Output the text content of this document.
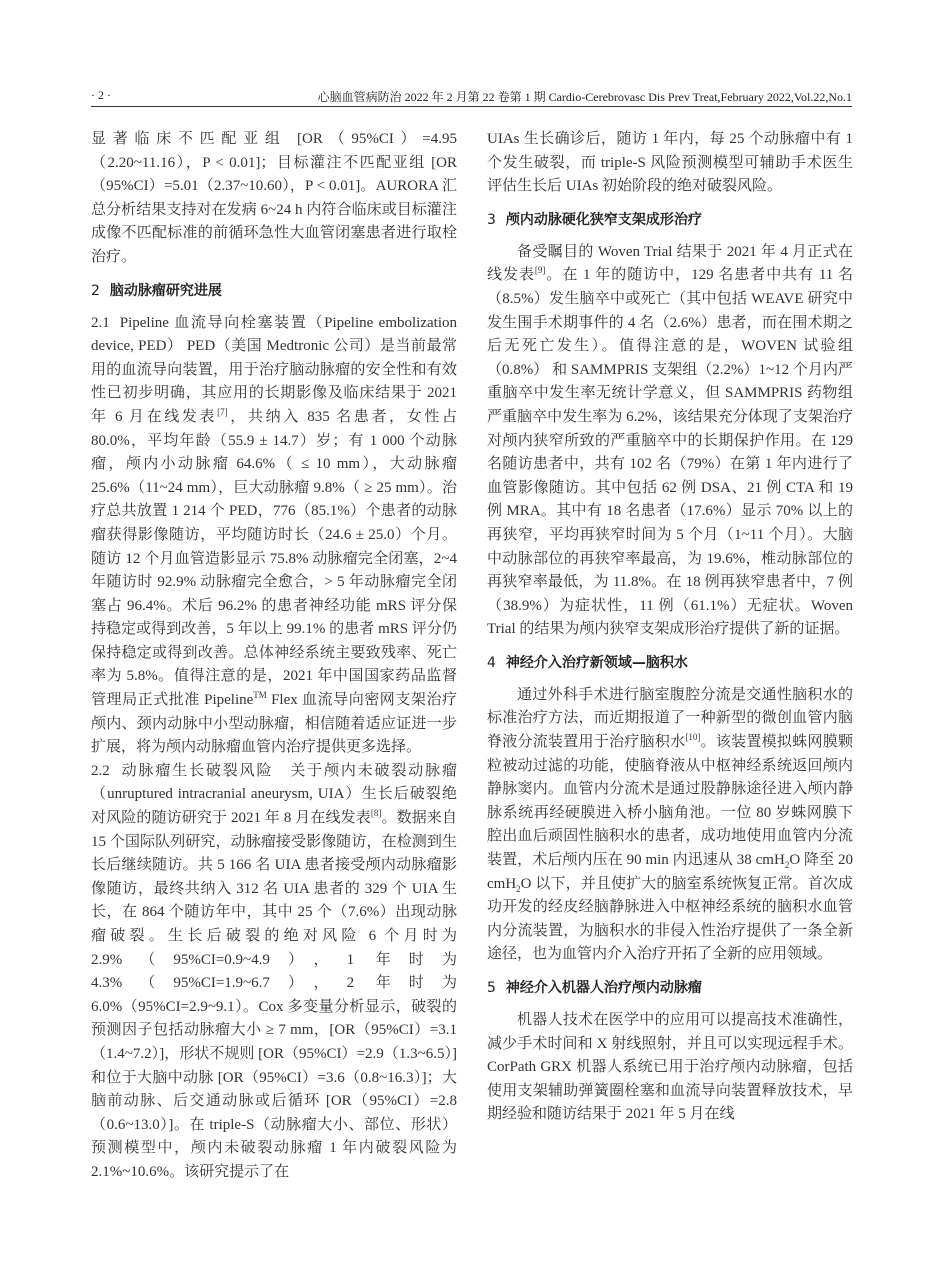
· 2 ·	心脑血管病防治 2022 年 2 月第 22 卷第 1 期 Cardio-Cerebrovasc Dis Prev Treat,February 2022,Vol.22,No.1

显著临床不匹配亚组 [OR（95%CI）=4.95（2.20~11.16），P < 0.01]；目标灌注不匹配亚组 [OR（95%CI）=5.01（2.37~10.60），P < 0.01]。AURORA 汇总分析结果支持对在发病 6~24 h 内符合临床或目标灌注成像不匹配标准的前循环急性大血管闭塞患者进行取栓治疗。

2 脑动脉瘤研究进展

2.1 Pipeline 血流导向栓塞装置（Pipeline embolization device, PED） PED（美国 Medtronic 公司）是当前最常用的血流导向装置，用于治疗脑动脉瘤的安全性和有效性已初步明确，其应用的长期影像及临床结果于 2021 年 6 月在线发表[7]，共纳入 835 名患者，女性占 80.0%，平均年龄（55.9 ± 14.7）岁；有 1 000 个动脉瘤，颅内小动脉瘤 64.6%（ ≤ 10 mm），大动脉瘤 25.6%（11~24 mm），巨大动脉瘤 9.8%（ ≥ 25 mm）。治疗总共放置 1 214 个 PED，776（85.1%）个患者的动脉瘤获得影像随访，平均随访时长（24.6 ± 25.0）个月。随访 12 个月血管造影显示 75.8% 动脉瘤完全闭塞，2~4 年随访时 92.9% 动脉瘤完全愈合，> 5 年动脉瘤完全闭塞占 96.4%。术后 96.2% 的患者神经功能 mRS 评分保持稳定或得到改善，5 年以上 99.1% 的患者 mRS 评分仍保持稳定或得到改善。总体神经系统主要致残率、死亡率为 5.8%。值得注意的是，2021 年中国国家药品监督管理局正式批准 Pipeline™ Flex 血流导向密网支架治疗颅内、颈内动脉中小型动脉瘤，相信随着适应证进一步扩展，将为颅内动脉瘤血管内治疗提供更多选择。

2.2 动脉瘤生长破裂风险　关于颅内未破裂动脉瘤（unruptured intracranial aneurysm, UIA）生长后破裂绝对风险的随访研究于 2021 年 8 月在线发表[8]。数据来自 15 个国际队列研究，动脉瘤接受影像随访，在检测到生长后继续随访。共 5 166 名 UIA 患者接受颅内动脉瘤影像随访，最终共纳入 312 名 UIA 患者的 329 个 UIA 生长，在 864 个随访年中，其中 25 个（7.6%）出现动脉瘤破裂。生长后破裂的绝对风险 6 个月时为 2.9%（95%CI=0.9~4.9），1 年时为 4.3%（95%CI=1.9~6.7），2 年时为 6.0%（95%CI=2.9~9.1）。Cox 多变量分析显示，破裂的预测因子包括动脉瘤大小 ≥ 7 mm，[OR（95%CI）=3.1（1.4~7.2）]，形状不规则 [OR（95%CI）=2.9（1.3~6.5）] 和位于大脑中动脉 [OR（95%CI）=3.6（0.8~16.3）]；大脑前动脉、后交通动脉或后循环 [OR（95%CI）=2.8（0.6~13.0）]。在 triple-S（动脉瘤大小、部位、形状）预测模型中，颅内未破裂动脉瘤 1 年内破裂风险为 2.1%~10.6%。该研究提示了在

UIAs 生长确诊后，随访 1 年内，每 25 个动脉瘤中有 1 个发生破裂，而 triple-S 风险预测模型可辅助手术医生评估生长后 UIAs 初始阶段的绝对破裂风险。

3 颅内动脉硬化狭窄支架成形治疗

备受瞩目的 Woven Trial 结果于 2021 年 4 月正式在线发表[9]。在 1 年的随访中，129 名患者中共有 11 名（8.5%）发生脑卒中或死亡（其中包括 WEAVE 研究中发生围手术期事件的 4 名（2.6%）患者，而在围术期之后无死亡发生）。值得注意的是，WOVEN 试验组（0.8%） 和 SAMMPRIS 支架组（2.2%）1~12 个月内严重脑卒中发生率无统计学意义，但 SAMMPRIS 药物组严重脑卒中发生率为 6.2%，该结果充分体现了支架治疗对颅内狭窄所致的严重脑卒中的长期保护作用。在 129 名随访患者中，共有 102 名（79%）在第 1 年内进行了血管影像随访。其中包括 62 例 DSA、21 例 CTA 和 19 例 MRA。其中有 18 名患者（17.6%）显示 70% 以上的再狭窄，平均再狭窄时间为 5 个月（1~11 个月）。大脑中动脉部位的再狭窄率最高，为 19.6%，椎动脉部位的再狭窄率最低，为 11.8%。在 18 例再狭窄患者中，7 例（38.9%）为症状性，11 例（61.1%）无症状。Woven Trial 的结果为颅内狭窄支架成形治疗提供了新的证据。

4 神经介入治疗新领域—脑积水

通过外科手术进行脑室腹腔分流是交通性脑积水的标准治疗方法，而近期报道了一种新型的微创血管内脑脊液分流装置用于治疗脑积水[10]。该装置模拟蛛网膜颗粒被动过滤的功能，使脑脊液从中枢神经系统返回颅内静脉窦内。血管内分流术是通过股静脉途径进入颅内静脉系统再经硬膜进入桥小脑角池。一位 80 岁蛛网膜下腔出血后顽固性脑积水的患者，成功地使用血管内分流装置，术后颅内压在 90 min 内迅速从 38 cmH$_2$O 降至 20 cmH$_2$O 以下，并且使扩大的脑室系统恢复正常。首次成功开发的经皮经脑静脉进入中枢神经系统的脑积水血管内分流装置，为脑积水的非侵入性治疗提供了一条全新途径，也为血管内介入治疗开拓了全新的应用领域。

5 神经介入机器人治疗颅内动脉瘤

机器人技术在医学中的应用可以提高技术准确性，减少手术时间和 X 射线照射，并且可以实现远程手术。CorPath GRX 机器人系统已用于治疗颅内动脉瘤，包括使用支架辅助弹簧圈栓塞和血流导向装置释放技术，早期经验和随访结果于 2021 年 5 月在线
